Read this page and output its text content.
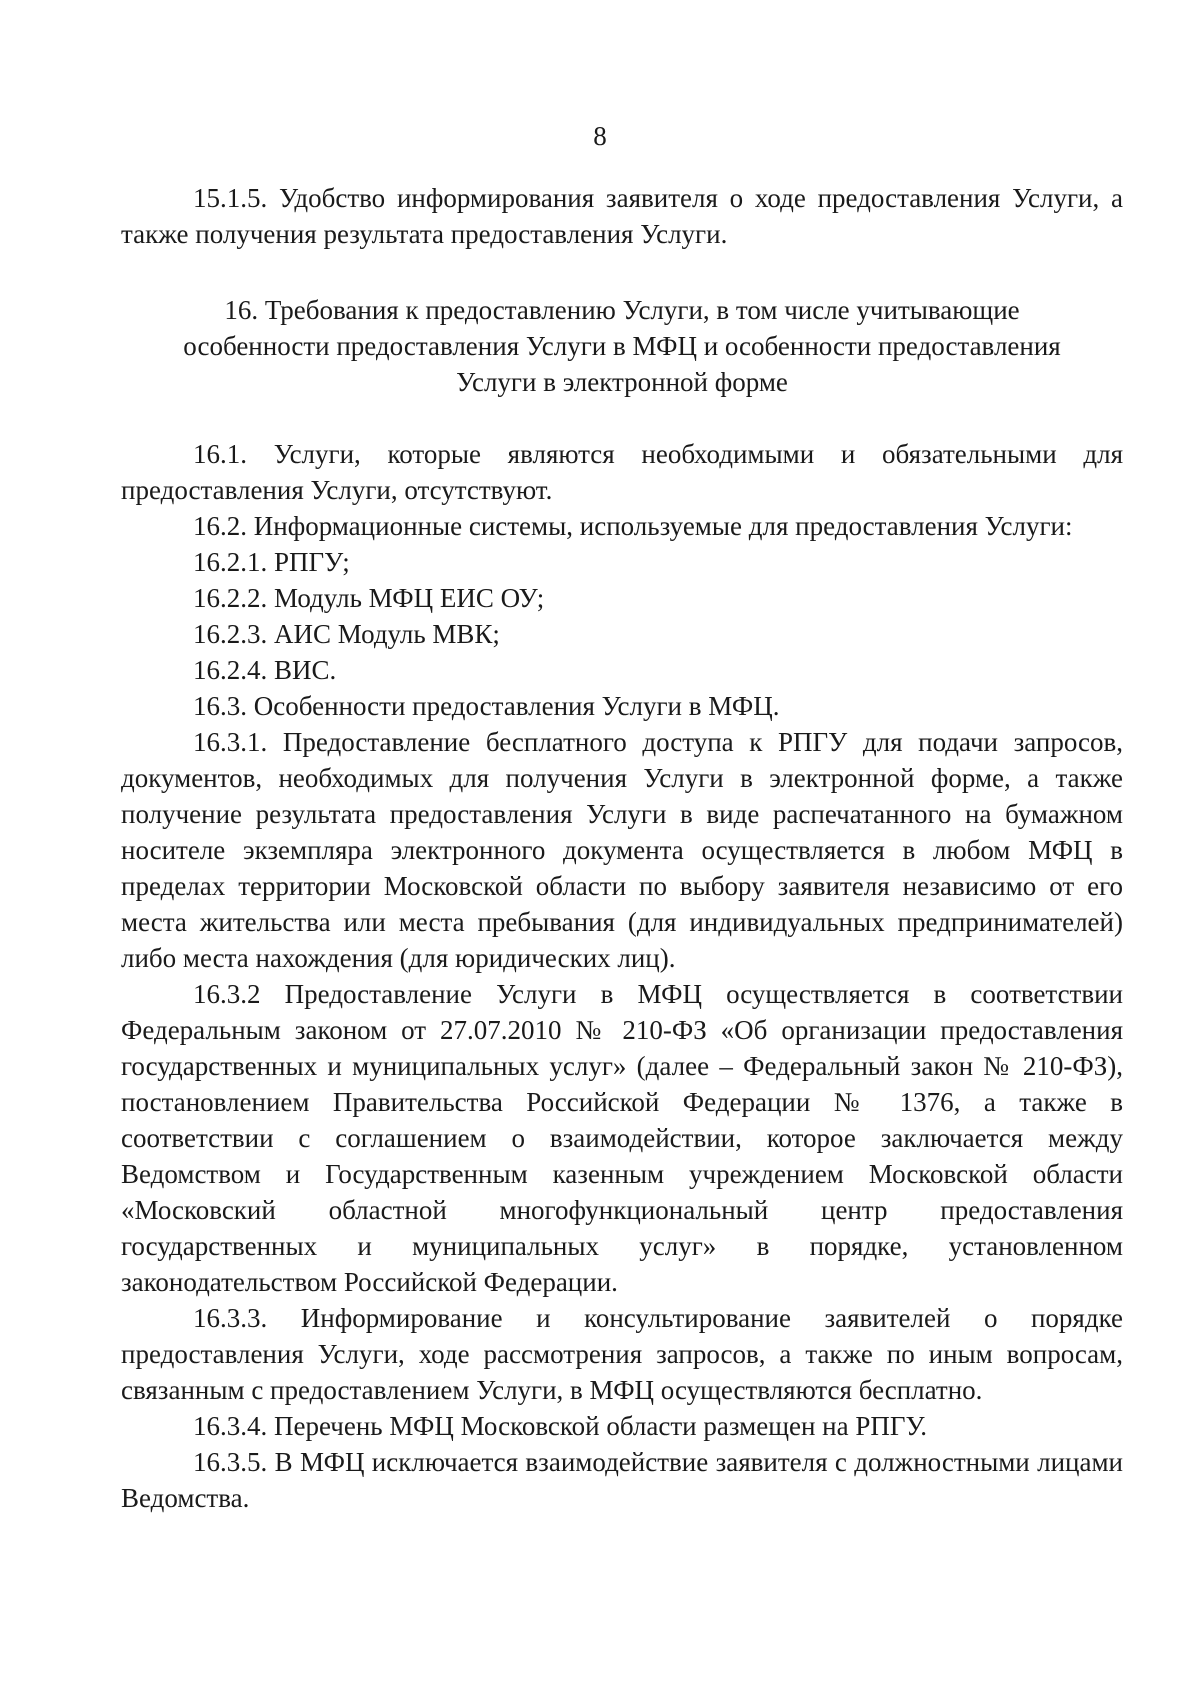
8

15.1.5. Удобство информирования заявителя о ходе предоставления Услуги, а также получения результата предоставления Услуги.

16. Требования к предоставлению Услуги, в том числе учитывающие особенности предоставления Услуги в МФЦ и особенности предоставления Услуги в электронной форме

16.1. Услуги, которые являются необходимыми и обязательными для предоставления Услуги, отсутствуют.

16.2. Информационные системы, используемые для предоставления Услуги:

16.2.1. РПГУ;

16.2.2. Модуль МФЦ ЕИС ОУ;

16.2.3. АИС Модуль МВК;

16.2.4. ВИС.

16.3. Особенности предоставления Услуги в МФЦ.

16.3.1. Предоставление бесплатного доступа к РПГУ для подачи запросов, документов, необходимых для получения Услуги в электронной форме, а также получение результата предоставления Услуги в виде распечатанного на бумажном носителе экземпляра электронного документа осуществляется в любом МФЦ в пределах территории Московской области по выбору заявителя независимо от его места жительства или места пребывания (для индивидуальных предпринимателей) либо места нахождения (для юридических лиц).

16.3.2 Предоставление Услуги в МФЦ осуществляется в соответствии Федеральным законом от 27.07.2010 № 210-ФЗ «Об организации предоставления государственных и муниципальных услуг» (далее – Федеральный закон № 210-ФЗ), постановлением Правительства Российской Федерации № 1376, а также в соответствии с соглашением о взаимодействии, которое заключается между Ведомством и Государственным казенным учреждением Московской области «Московский областной многофункциональный центр предоставления государственных и муниципальных услуг» в порядке, установленном законодательством Российской Федерации.

16.3.3. Информирование и консультирование заявителей о порядке предоставления Услуги, ходе рассмотрения запросов, а также по иным вопросам, связанным с предоставлением Услуги, в МФЦ осуществляются бесплатно.

16.3.4. Перечень МФЦ Московской области размещен на РПГУ.

16.3.5. В МФЦ исключается взаимодействие заявителя с должностными лицами Ведомства.
